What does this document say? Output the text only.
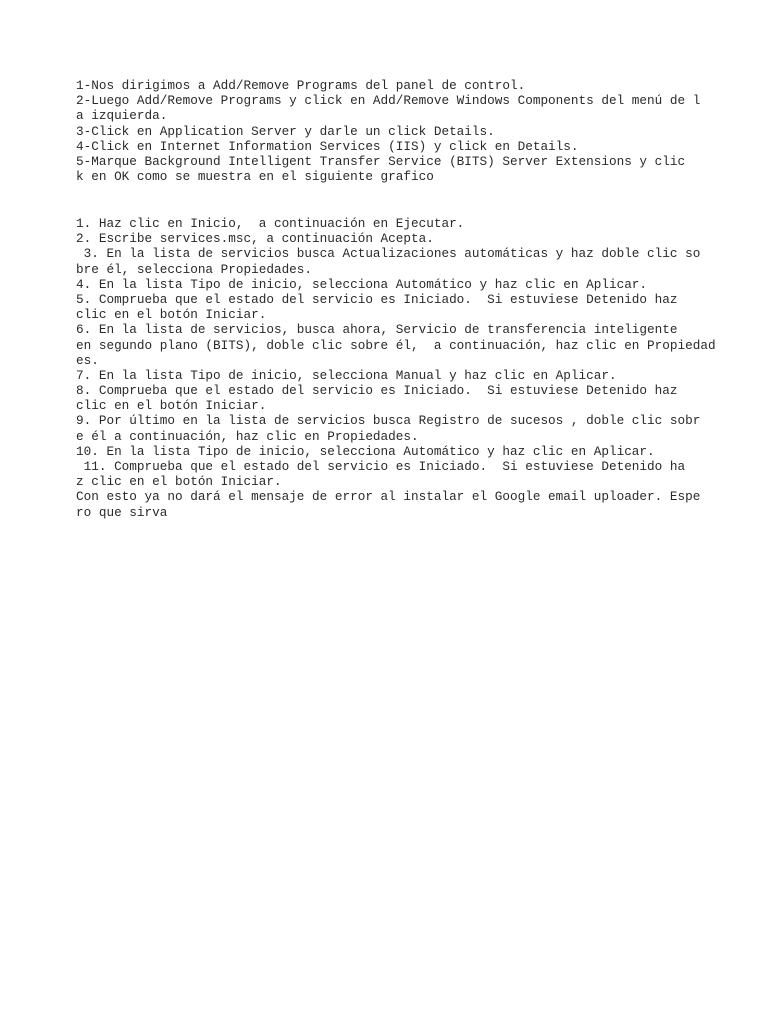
1-Nos dirigimos a Add/Remove Programs del panel de control.
2-Luego Add/Remove Programs y click en Add/Remove Windows Components del menú de l
a izquierda.
3-Click en Application Server y darle un click Details.
4-Click en Internet Information Services (IIS) y click en Details.
5-Marque Background Intelligent Transfer Service (BITS) Server Extensions y clic
k en OK como se muestra en el siguiente grafico
1. Haz clic en Inicio,  a continuación en Ejecutar.
2. Escribe services.msc, a continuación Acepta.
3. En la lista de servicios busca Actualizaciones automáticas y haz doble clic so
bre él, selecciona Propiedades.
4. En la lista Tipo de inicio, selecciona Automático y haz clic en Aplicar.
5. Comprueba que el estado del servicio es Iniciado.  Si estuviese Detenido haz
clic en el botón Iniciar.
6. En la lista de servicios, busca ahora, Servicio de transferencia inteligente
en segundo plano (BITS), doble clic sobre él,  a continuación, haz clic en Propiedad
es.
7. En la lista Tipo de inicio, selecciona Manual y haz clic en Aplicar.
8. Comprueba que el estado del servicio es Iniciado.  Si estuviese Detenido haz
clic en el botón Iniciar.
9. Por último en la lista de servicios busca Registro de sucesos , doble clic sobr
e él a continuación, haz clic en Propiedades.
10. En la lista Tipo de inicio, selecciona Automático y haz clic en Aplicar.
11. Comprueba que el estado del servicio es Iniciado.  Si estuviese Detenido ha
z clic en el botón Iniciar.
Con esto ya no dará el mensaje de error al instalar el Google email uploader. Espe
ro que sirva
